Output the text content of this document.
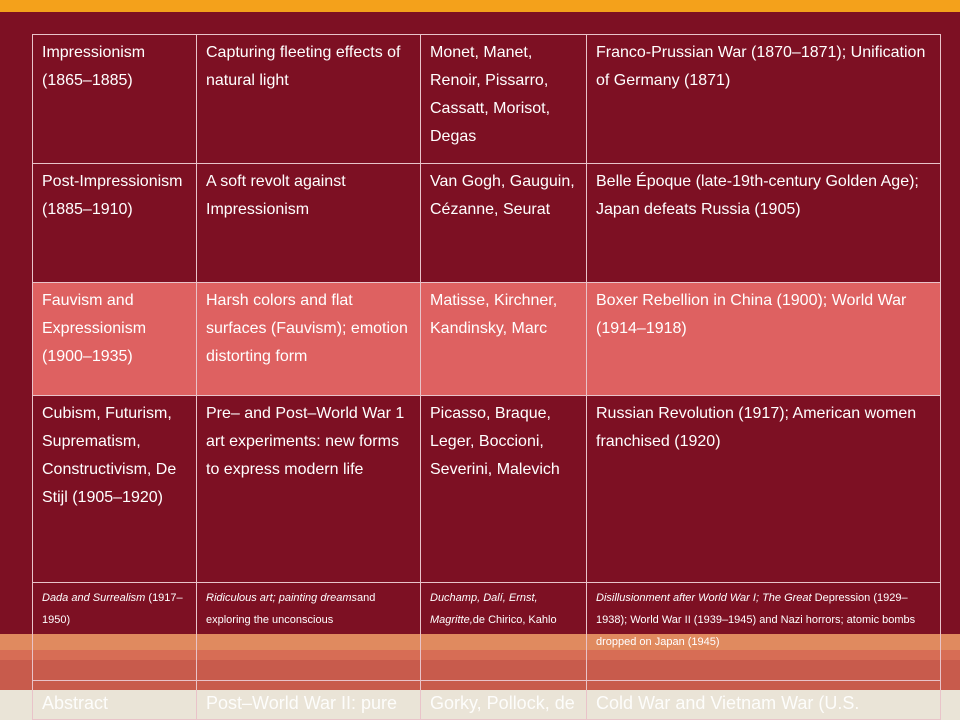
Impressionism (1865–1885)	Capturing fleeting effects of natural light	Monet, Manet, Renoir, Pissarro, Cassatt, Morisot, Degas	Franco-Prussian War (1870–1871); Unification of Germany (1871)
Post-Impressionism (1885–1910)	A soft revolt against Impressionism	Van Gogh, Gauguin, Cézanne, Seurat	Belle Époque (late-19th-century Golden Age); Japan defeats Russia (1905)
Fauvism and Expressionism (1900–1935)	Harsh colors and flat surfaces (Fauvism); emotion distorting form	Matisse, Kirchner, Kandinsky, Marc	Boxer Rebellion in China (1900); World War (1914–1918)
Cubism, Futurism, Suprematism, Constructivism, De Stijl (1905–1920)	Pre– and Post–World War 1 art experiments: new forms to express modern life	Picasso, Braque, Leger, Boccioni, Severini, Malevich	Russian Revolution (1917); American women franchised (1920)
Dada and Surrealism (1917–1950)	Ridiculous art; painting dreamsand exploring the unconscious	Duchamp, Dalí, Ernst, Magritte,de Chirico, Kahlo	Disillusionment after World War I; The Great Depression (1929–1938); World War II (1939–1945) and Nazi horrors; atomic bombs dropped on Japan (1945)
Abstract	Post–World War II: pure	Gorky, Pollock, de	Cold War and Vietnam War (U.S.
